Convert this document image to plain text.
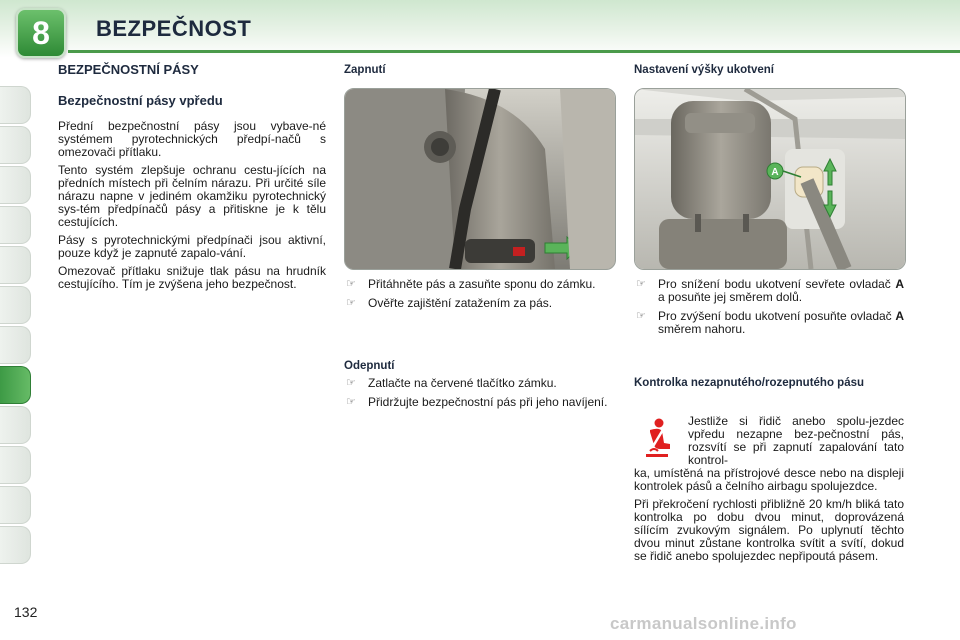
8	BEZPEČNOST
BEZPEČNOSTNÍ PÁSY
Bezpečnostní pásy vpředu

Přední bezpečnostní pásy jsou vybave-né systémem pyrotechnických předpí-načů s omezovači přítlaku.

Tento systém zlepšuje ochranu cestu-jících na předních místech při čelním nárazu. Při určité síle nárazu napne v jediném okamžiku pyrotechnický sys-tém předpínačů pásy a přitiskne je k tělu cestujících.

Pásy s pyrotechnickými předpínači jsou aktivní, pouze když je zapnuté zapalo-vání.

Omezovač přítlaku snižuje tlak pásu na hrudník cestujícího. Tím je zvýšena jeho bezpečnost.

Zapnutí
☞ Přitáhněte pás a zasuňte sponu do zámku.
☞ Ověřte zajištění zatažením za pás.
Odepnutí
☞ Zatlačte na červené tlačítko zámku.
☞ Přidržujte bezpečnostní pás při jeho navíjení.
Nastavení výšky ukotvení
A
☞ Pro snížení bodu ukotvení sevřete ovladač A a posuňte jej směrem dolů.
☞ Pro zvýšení bodu ukotvení posuňte ovladač A směrem nahoru.
Kontrolka nezapnutého/rozepnutého pásu

Jestliže si řidič anebo spolu-jezdec vpředu nezapne bez-pečnostní pás, rozsvítí se při zapnutí zapalování tato kontrol-

ka, umístěná na přístrojové desce nebo na displeji kontrolek pásů a čelního airbagu spolujezdce.

Při překročení rychlosti přibližně 20 km/h bliká tato kontrolka po dobu dvou minut, doprovázená sílícím zvukovým signálem. Po uplynutí těchto dvou minut zůstane kontrolka svítit a svítí, dokud se řidič anebo spolujezdec nepřipoutá pásem.

132
carmanualsonline.info
